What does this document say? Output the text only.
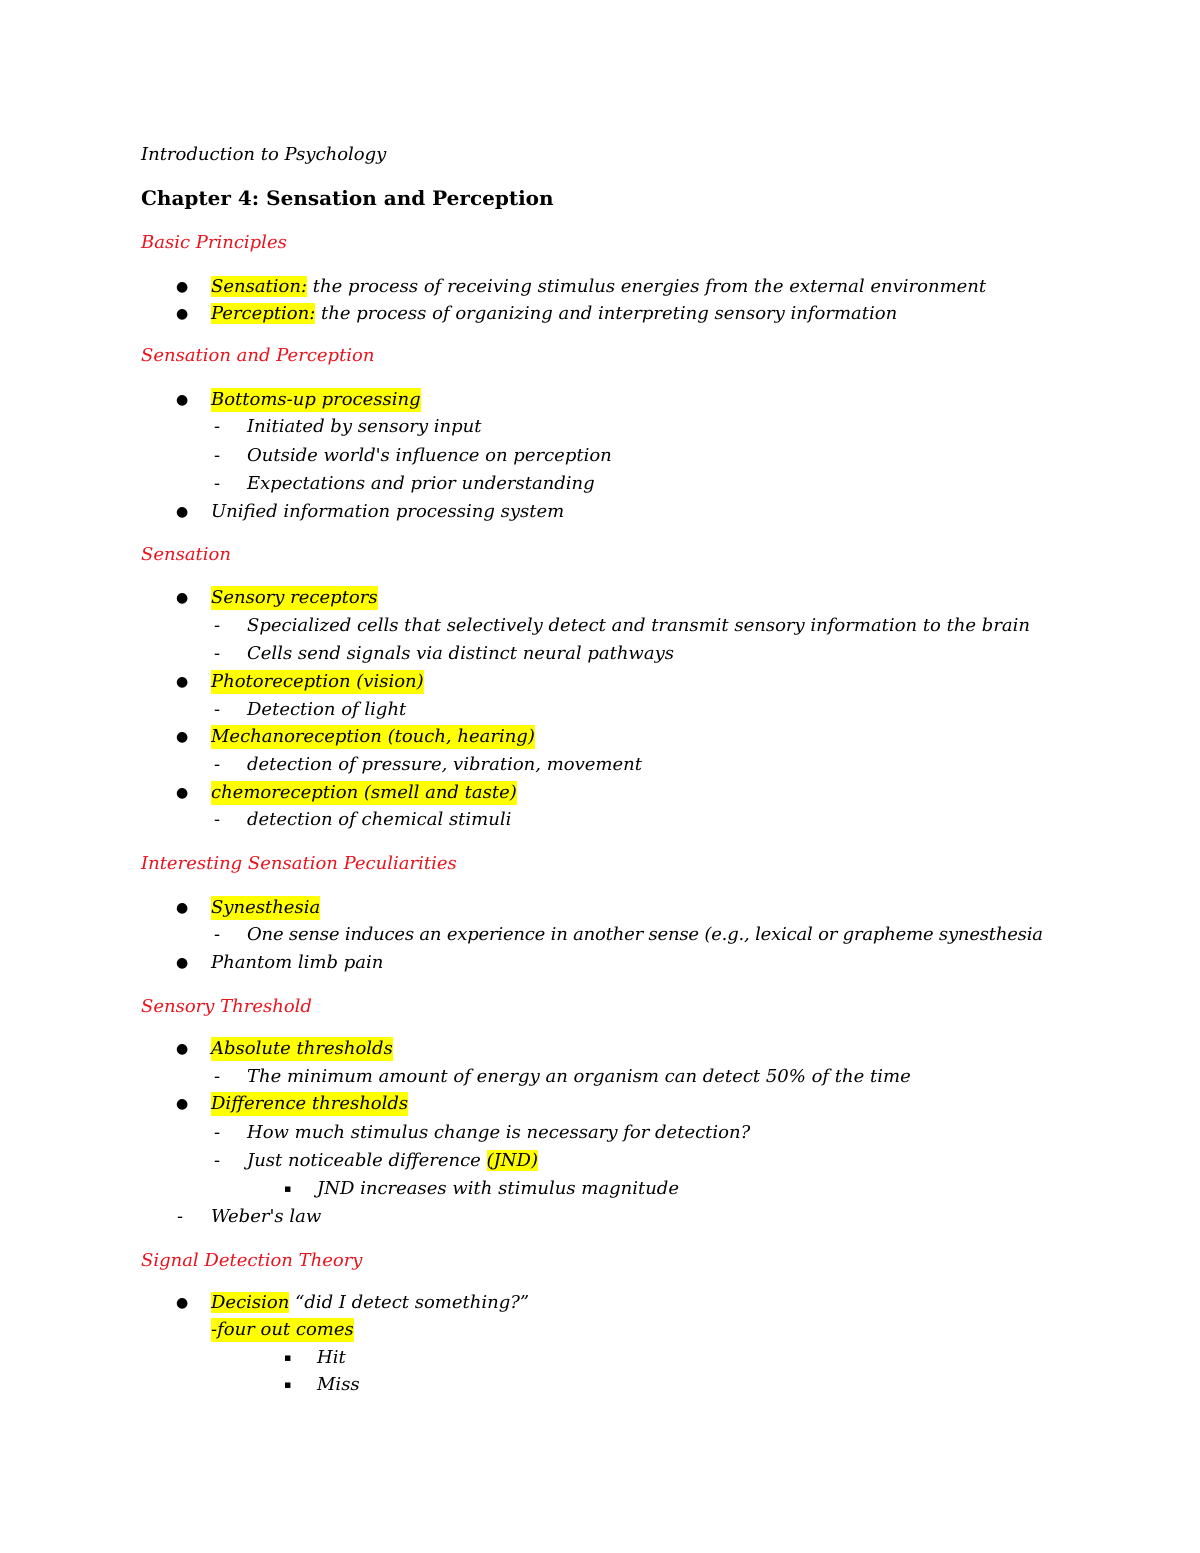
Introduction to Psychology
Chapter 4: Sensation and Perception
Basic Principles
● Sensation: the process of receiving stimulus energies from the external environment
● Perception: the process of organizing and interpreting sensory information
Sensation and Perception
● Bottoms-up processing
- Initiated by sensory input
- Outside world's influence on perception
- Expectations and prior understanding
● Unified information processing system
Sensation
● Sensory receptors
- Specialized cells that selectively detect and transmit sensory information to the brain
- Cells send signals via distinct neural pathways
● Photoreception (vision)
- Detection of light
● Mechanoreception (touch, hearing)
- detection of pressure, vibration, movement
● chemoreception (smell and taste)
- detection of chemical stimuli
Interesting Sensation Peculiarities
● Synesthesia
- One sense induces an experience in another sense (e.g., lexical or grapheme synesthesia
● Phantom limb pain
Sensory Threshold
● Absolute thresholds
- The minimum amount of energy an organism can detect 50% of the time
● Difference thresholds
- How much stimulus change is necessary for detection?
- Just noticeable difference (JND)
▪ JND increases with stimulus magnitude
- Weber's law
Signal Detection Theory
● Decision “did I detect something?”
-four out comes
▪ Hit
▪ Miss
